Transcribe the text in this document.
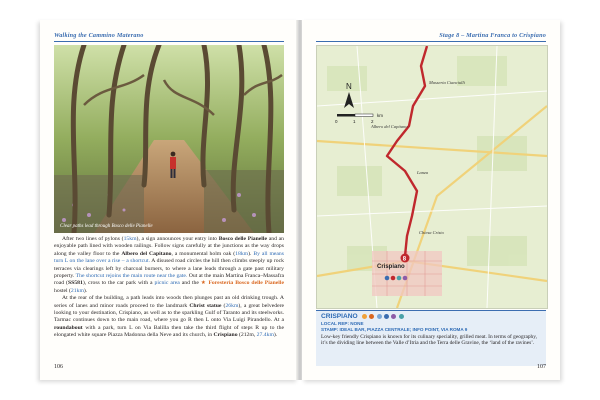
Walking the Cammino Materano
Clear paths lead through Bosco delle Pianelle

After two lines of pylons (15km), a sign announces your entry into Bosco delle Pianelle and an enjoyable path lined with wooden railings. Follow signs carefully at the junctions as the way drops along the valley floor to the Albero del Capitano, a monumental holm oak (18km). By all means turn L on the lane over a rise – a shortcut. A disused road circles the hill then climbs steeply up rock terraces via clearings left by charcoal burners, to where a lane leads through a gate past military property. The shortcut rejoins the main route near the gate. Out at the main Martina Franca–Massafra road (SS581), cross to the car park with a picnic area and the ★ Foresteria Bosco delle Pianelle hostel (21km).

At the rear of the building, a path leads into woods then plunges past an old drinking trough. A series of lanes and minor roads proceed to the landmark Christ statue (26km), a great belvedere looking to your destination, Crispiano, as well as to the sparkling Gulf of Taranto and its steelworks. Tarmac continues down to the main road, where you go R then L onto Via Luigi Pirandello. At a roundabout with a park, turn L on Via Balilla then take the third flight of steps R up to the elongated white square Piazza Madonna della Neve and its church, in Crispiano (212m, 27.4km).

106
Stage 8 – Martina Franca to Crispiano
N
0	1	2
km
Masseria Cianciulli
Albero del Capitano
Lanza
Chiesa Cristo
Crispiano
8
CRISPIANO
LOCAL REP: NONE
STAMP: IDEAL BAR, PIAZZA CENTRALE; INFO POINT, VIA ROMA 9
Low-key friendly Crispiano is known for its culinary speciality, grilled meat. In terms of geography, it’s the dividing line between the Valle d’Itria and the Terra delle Gravine, the ‘land of the ravines’.
107
